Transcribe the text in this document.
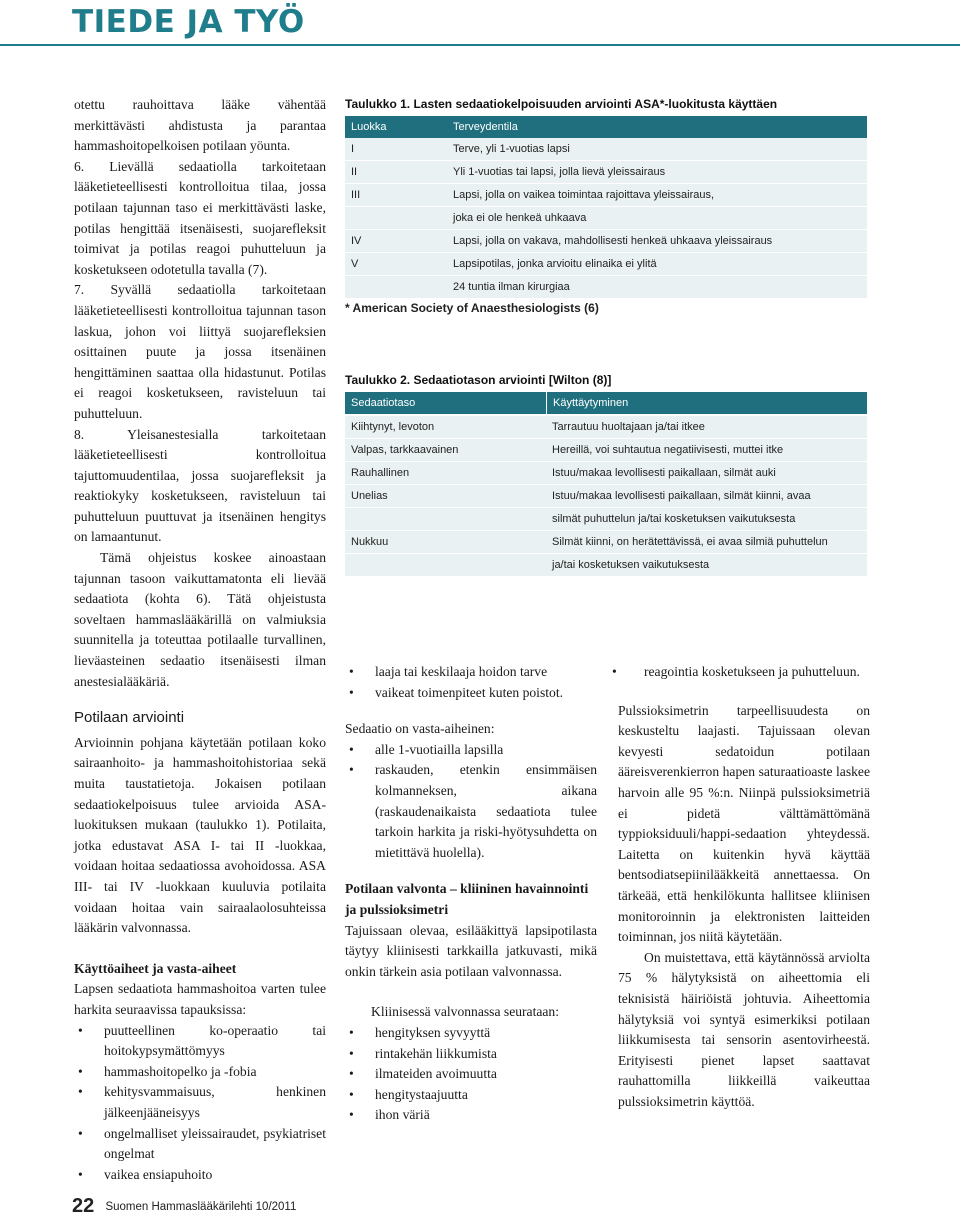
TIEDE JA TYÖ

otettu rauhoittava lääke vähentää merkittävästi ahdistusta ja parantaa hammashoitopelkoisen potilaan yöunta.

6. Lievällä sedaatiolla tarkoitetaan lääketieteellisesti kontrolloitua tilaa, jossa potilaan tajunnan taso ei merkittävästi laske, potilas hengittää itsenäisesti, suojarefleksit toimivat ja potilas reagoi puhutteluun ja kosketukseen odotetulla tavalla (7).

7. Syvällä sedaatiolla tarkoitetaan lääketieteellisesti kontrolloitua tajunnan tason laskua, johon voi liittyä suojarefleksien osittainen puute ja jossa itsenäinen hengittäminen saattaa olla hidastunut. Potilas ei reagoi kosketukseen, ravisteluun tai puhutteluun.

8. Yleisanestesialla tarkoitetaan lääketieteellisesti kontrolloitua tajuttomuudentilaa, jossa suojarefleksit ja reaktiokyky kosketukseen, ravisteluun tai puhutteluun puuttuvat ja itsenäinen hengitys on lamaantunut.

Tämä ohjeistus koskee ainoastaan tajunnan tasoon vaikuttamatonta eli lievää sedaatiota (kohta 6). Tätä ohjeistusta soveltaen hammaslääkärillä on valmiuksia suunnitella ja toteuttaa potilaalle turvallinen, lieväasteinen sedaatio itsenäisesti ilman anestesialääkäriä.

Potilaan arviointi

Arvioinnin pohjana käytetään potilaan koko sairaanhoito- ja hammashoitohistoriaa sekä muita taustatietoja. Jokaisen potilaan sedaatiokelpoisuus tulee arvioida ASA-luokituksen mukaan (taulukko 1). Potilaita, jotka edustavat ASA I- tai II -luokkaa, voidaan hoitaa sedaatiossa avohoidossa. ASA III- tai IV -luokkaan kuuluvia potilaita voidaan hoitaa vain sairaalaolosuhteissa lääkärin valvonnassa.

Käyttöaiheet ja vasta-aiheet

Lapsen sedaatiota hammashoitoa varten tulee harkita seuraavissa tapauksissa:

• puutteellinen ko-operaatio tai hoitokypsymättömyys
• hammashoitopelko ja -fobia
• kehitysvammaisuus, henkinen jälkeenjääneisyys
• ongelmalliset yleissairaudet, psykiatriset ongelmat
• vaikea ensiapuhoito
Taulukko 1. Lasten sedaatiokelpoisuuden arviointi ASA*-luokitusta käyttäen
Luokka	Terveydentila
I	Terve, yli 1-vuotias lapsi
II	Yli 1-vuotias tai lapsi, jolla lievä yleissairaus
III	Lapsi, jolla on vaikea toimintaa rajoittava yleissairaus,
joka ei ole henkeä uhkaava
IV	Lapsi, jolla on vakava, mahdollisesti henkeä uhkaava yleissairaus
V	Lapsipotilas, jonka arvioitu elinaika ei ylitä
24 tuntia ilman kirurgiaa
* American Society of Anaesthesiologists (6)
Taulukko 2. Sedaatiotason arviointi [Wilton (8)]
Sedaatiotaso	Käyttäytyminen
Kiihtynyt, levoton	Tarrautuu huoltajaan ja/tai itkee
Valpas, tarkkaavainen	Hereillä, voi suhtautua negatiivisesti, muttei itke
Rauhallinen	Istuu/makaa levollisesti paikallaan, silmät auki
Unelias	Istuu/makaa levollisesti paikallaan, silmät kiinni, avaa
silmät puhuttelun ja/tai kosketuksen vaikutuksesta
Nukkuu	Silmät kiinni, on herätettävissä, ei avaa silmiä puhuttelun
ja/tai kosketuksen vaikutuksesta
• laaja tai keskilaaja hoidon tarve
• vaikeat toimenpiteet kuten poistot.

Sedaatio on vasta-aiheinen:

• alle 1-vuotiailla lapsilla
• raskauden, etenkin ensimmäisen kolmanneksen, aikana (raskaudenaikaista sedaatiota tulee tarkoin harkita ja riski-hyötysuhdetta on mietittävä huolella).

Potilaan valvonta – kliininen havainnointi ja pulssioksimetri

Tajuissaan olevaa, esilääkittyä lapsipotilasta täytyy kliinisesti tarkkailla jatkuvasti, mikä onkin tärkein asia potilaan valvonnassa.

Kliinisessä valvonnassa seurataan:

• hengityksen syvyyttä
• rintakehän liikkumista
• ilmateiden avoimuutta
• hengitystaajuutta
• ihon väriä
• reagointia kosketukseen ja puhutteluun.

Pulssioksimetrin tarpeellisuudesta on keskusteltu laajasti. Tajuissaan olevan kevyesti sedatoidun potilaan ääreisverenkierron hapen saturaatioaste laskee harvoin alle 95 %:n. Niinpä pulssioksimetriä ei pidetä välttämättömänä typpioksiduuli/happi-sedaation yhteydessä. Laitetta on kuitenkin hyvä käyttää bentsodiatsepiinilääkkeitä annettaessa. On tärkeää, että henkilökunta hallitsee kliinisen monitoroinnin ja elektronisten laitteiden toiminnan, jos niitä käytetään.

On muistettava, että käytännössä arviolta 75 % hälytyksistä on aiheettomia eli teknisistä häiriöistä johtuvia. Aiheettomia hälytyksiä voi syntyä esimerkiksi potilaan liikkumisesta tai sensorin asentovirheestä. Erityisesti pienet lapset saattavat rauhattomilla liikkeillä vaikeuttaa pulssioksimetrin käyttöä.

22 Suomen Hammaslääkärilehti 10/2011
